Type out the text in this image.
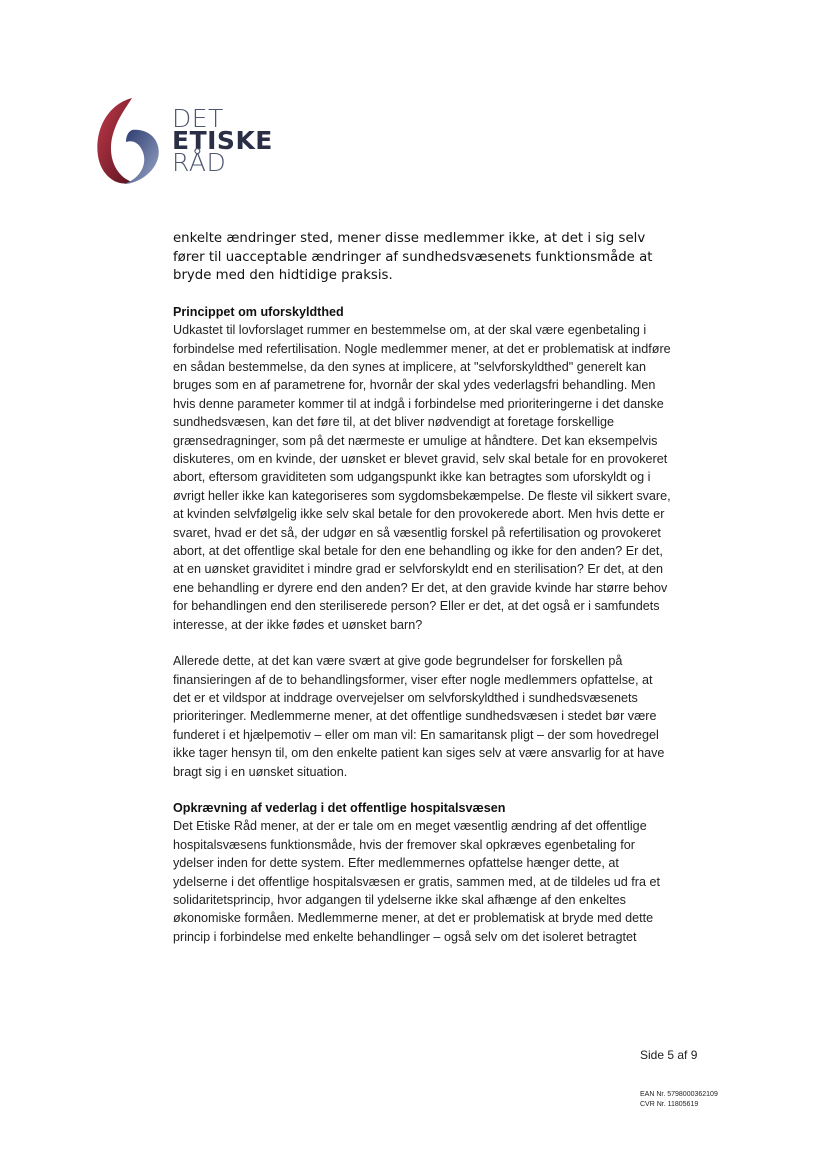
DET
ETISKE
RÅD

enkelte ændringer sted, mener disse medlemmer ikke, at det i sig selv fører til uacceptable ændringer af sundhedsvæsenets funktionsmåde at bryde med den hidtidige praksis.

Princippet om uforskyldthed

Udkastet til lovforslaget rummer en bestemmelse om, at der skal være egenbetaling i forbindelse med refertilisation. Nogle medlemmer mener, at det er problematisk at indføre en sådan bestemmelse, da den synes at implicere, at "selvforskyldthed" generelt kan bruges som en af parametrene for, hvornår der skal ydes vederlagsfri behandling. Men hvis denne parameter kommer til at indgå i forbindelse med prioriteringerne i det danske sundhedsvæsen, kan det føre til, at det bliver nødvendigt at foretage forskellige grænsedragninger, som på det nærmeste er umulige at håndtere. Det kan eksempelvis diskuteres, om en kvinde, der uønsket er blevet gravid, selv skal betale for en provokeret abort, eftersom graviditeten som udgangspunkt ikke kan betragtes som uforskyldt og i øvrigt heller ikke kan kategoriseres som sygdomsbekæmpelse. De fleste vil sikkert svare, at kvinden selvfølgelig ikke selv skal betale for den provokerede abort. Men hvis dette er svaret, hvad er det så, der udgør en så væsentlig forskel på refertilisation og provokeret abort, at det offentlige skal betale for den ene behandling og ikke for den anden? Er det, at en uønsket graviditet i mindre grad er selvforskyldt end en sterilisation? Er det, at den ene behandling er dyrere end den anden? Er det, at den gravide kvinde har større behov for behandlingen end den steriliserede person? Eller er det, at det også er i samfundets interesse, at der ikke fødes et uønsket barn?

Allerede dette, at det kan være svært at give gode begrundelser for forskellen på finansieringen af de to behandlingsformer, viser efter nogle medlemmers opfattelse, at det er et vildspor at inddrage overvejelser om selvforskyldthed i sundhedsvæsenets prioriteringer. Medlemmerne mener, at det offentlige sundhedsvæsen i stedet bør være funderet i et hjælpemotiv – eller om man vil: En samaritansk pligt – der som hovedregel ikke tager hensyn til, om den enkelte patient kan siges selv at være ansvarlig for at have bragt sig i en uønsket situation.

Opkrævning af vederlag i det offentlige hospitalsvæsen

Det Etiske Råd mener, at der er tale om en meget væsentlig ændring af det offentlige hospitalsvæsens funktionsmåde, hvis der fremover skal opkræves egenbetaling for ydelser inden for dette system. Efter medlemmernes opfattelse hænger dette, at ydelserne i det offentlige hospitalsvæsen er gratis, sammen med, at de tildeles ud fra et solidaritetsprincip, hvor adgangen til ydelserne ikke skal afhænge af den enkeltes økonomiske formåen. Medlemmerne mener, at det er problematisk at bryde med dette princip i forbindelse med enkelte behandlinger – også selv om det isoleret betragtet

Side 5 af 9
EAN Nr. 5798000362109
CVR Nr. 11805619
